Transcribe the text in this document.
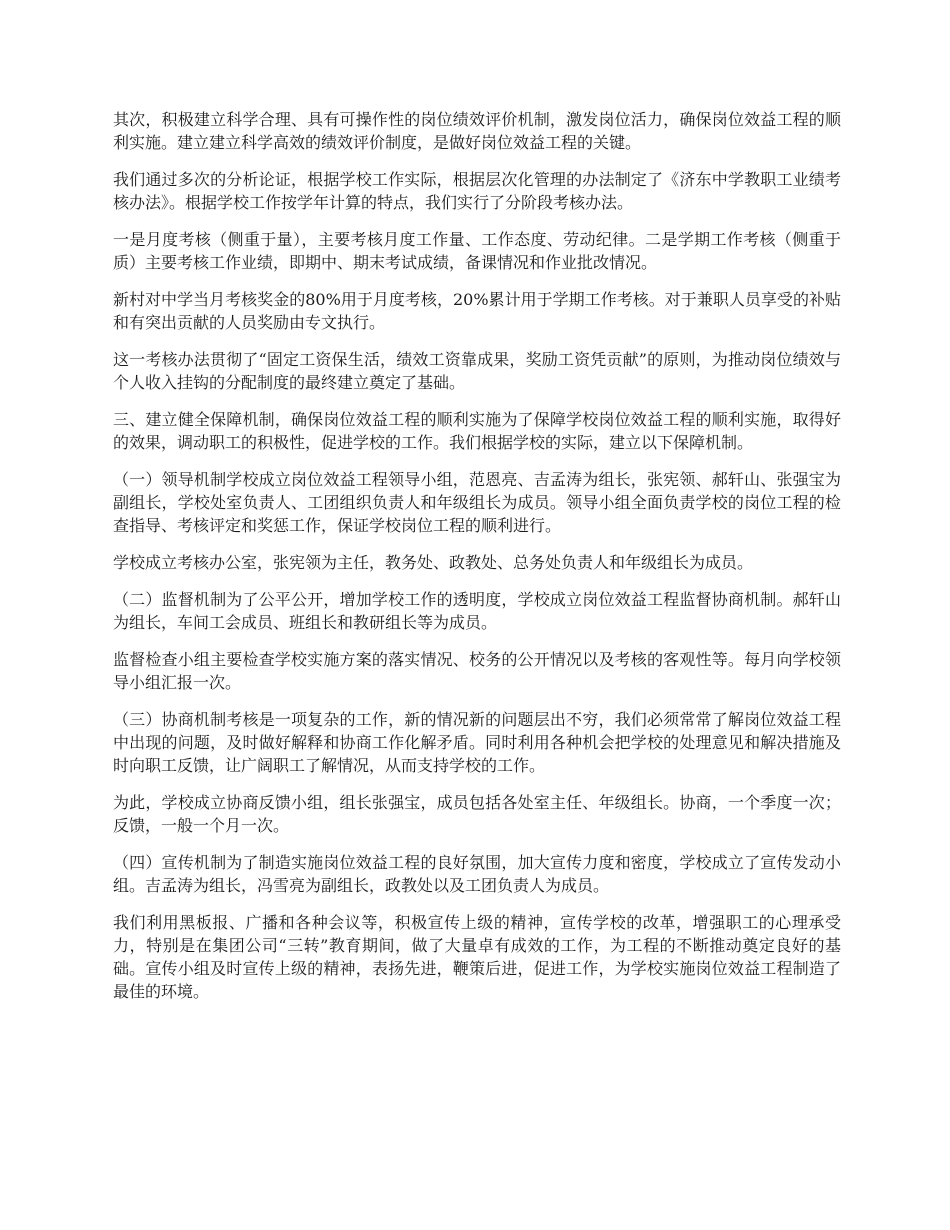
其次，积极建立科学合理、具有可操作性的岗位绩效评价机制，激发岗位活力，确保岗位效益工程的顺利实施。建立建立科学高效的绩效评价制度，是做好岗位效益工程的关键。

我们通过多次的分析论证，根据学校工作实际，根据层次化管理的办法制定了《济东中学教职工业绩考核办法》。根据学校工作按学年计算的特点，我们实行了分阶段考核办法。

一是月度考核（侧重于量），主要考核月度工作量、工作态度、劳动纪律。二是学期工作考核（侧重于质）主要考核工作业绩，即期中、期末考试成绩，备课情况和作业批改情况。

新村对中学当月考核奖金的80%用于月度考核，20%累计用于学期工作考核。对于兼职人员享受的补贴和有突出贡献的人员奖励由专文执行。

这一考核办法贯彻了“固定工资保生活，绩效工资靠成果，奖励工资凭贡献”的原则，为推动岗位绩效与个人收入挂钩的分配制度的最终建立奠定了基础。

三、建立健全保障机制，确保岗位效益工程的顺利实施为了保障学校岗位效益工程的顺利实施，取得好的效果，调动职工的积极性，促进学校的工作。我们根据学校的实际，建立以下保障机制。

（一）领导机制学校成立岗位效益工程领导小组，范恩亮、吉孟涛为组长，张宪领、郝轩山、张强宝为副组长，学校处室负责人、工团组织负责人和年级组长为成员。领导小组全面负责学校的岗位工程的检查指导、考核评定和奖惩工作，保证学校岗位工程的顺利进行。

学校成立考核办公室，张宪领为主任，教务处、政教处、总务处负责人和年级组长为成员。

（二）监督机制为了公平公开，增加学校工作的透明度，学校成立岗位效益工程监督协商机制。郝轩山为组长，车间工会成员、班组长和教研组长等为成员。

监督检查小组主要检查学校实施方案的落实情况、校务的公开情况以及考核的客观性等。每月向学校领导小组汇报一次。

（三）协商机制考核是一项复杂的工作，新的情况新的问题层出不穷，我们必须常常了解岗位效益工程中出现的问题，及时做好解释和协商工作化解矛盾。同时利用各种机会把学校的处理意见和解决措施及时向职工反馈，让广阔职工了解情况，从而支持学校的工作。

为此，学校成立协商反馈小组，组长张强宝，成员包括各处室主任、年级组长。协商，一个季度一次；反馈，一般一个月一次。

（四）宣传机制为了制造实施岗位效益工程的良好氛围，加大宣传力度和密度，学校成立了宣传发动小组。吉孟涛为组长，冯雪亮为副组长，政教处以及工团负责人为成员。

我们利用黑板报、广播和各种会议等，积极宣传上级的精神，宣传学校的改革，增强职工的心理承受力，特别是在集团公司“三转”教育期间，做了大量卓有成效的工作，为工程的不断推动奠定良好的基础。宣传小组及时宣传上级的精神，表扬先进，鞭策后进，促进工作，为学校实施岗位效益工程制造了最佳的环境。
